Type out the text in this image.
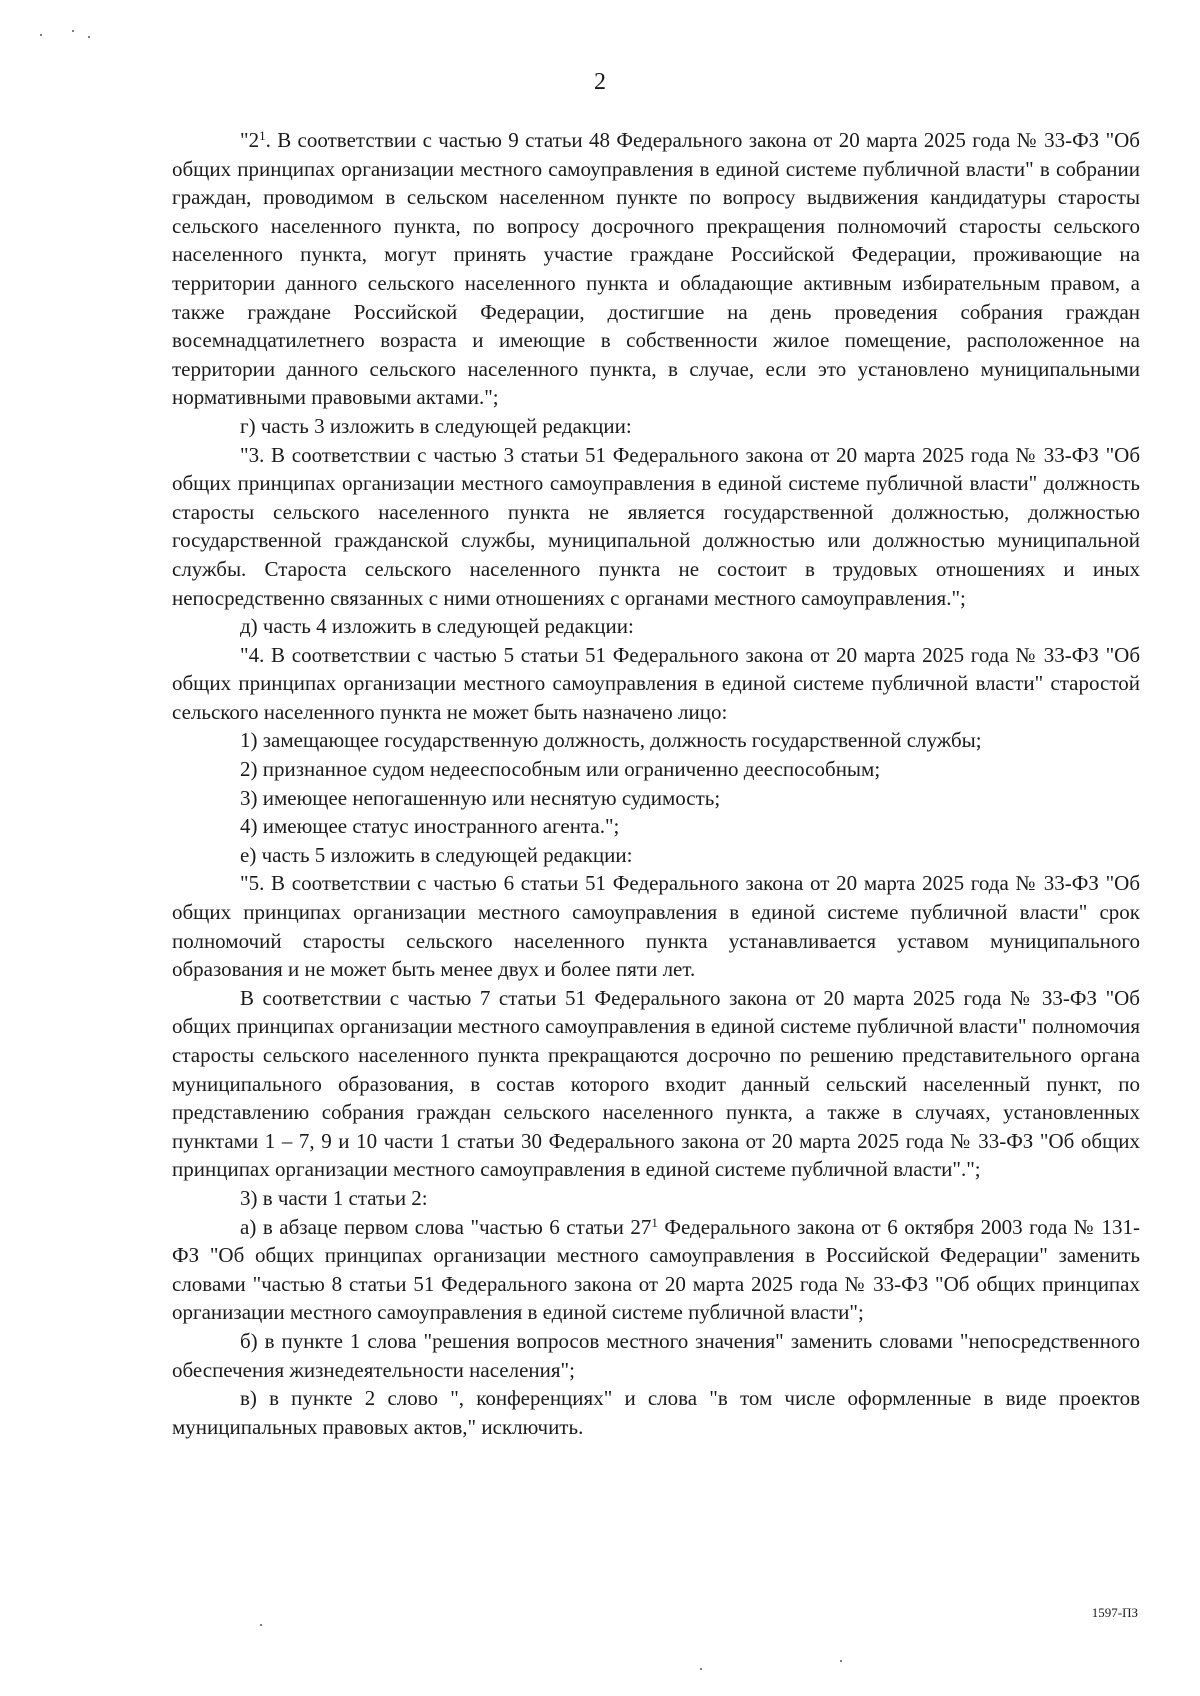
2

"$2^1$. В соответствии с частью 9 статьи 48 Федерального закона от 20 марта 2025 года № 33-ФЗ "Об общих принципах организации местного самоуправления в единой системе публичной власти" в собрании граждан, проводимом в сельском населенном пункте по вопросу выдвижения кандидатуры старосты сельского населенного пункта, по вопросу досрочного прекращения полномочий старосты сельского населенного пункта, могут принять участие граждане Российской Федерации, проживающие на территории данного сельского населенного пункта и обладающие активным избирательным правом, а также граждане Российской Федерации, достигшие на день проведения собрания граждан восемнадцатилетнего возраста и имеющие в собственности жилое помещение, расположенное на территории данного сельского населенного пункта, в случае, если это установлено муниципальными нормативными правовыми актами.";

г) часть 3 изложить в следующей редакции:

"3. В соответствии с частью 3 статьи 51 Федерального закона от 20 марта 2025 года № 33-ФЗ "Об общих принципах организации местного самоуправления в единой системе публичной власти" должность старосты сельского населенного пункта не является государственной должностью, должностью государственной гражданской службы, муниципальной должностью или должностью муниципальной службы. Староста сельского населенного пункта не состоит в трудовых отношениях и иных непосредственно связанных с ними отношениях с органами местного самоуправления.";

д) часть 4 изложить в следующей редакции:

"4. В соответствии с частью 5 статьи 51 Федерального закона от 20 марта 2025 года № 33-ФЗ "Об общих принципах организации местного самоуправления в единой системе публичной власти" старостой сельского населенного пункта не может быть назначено лицо:

1) замещающее государственную должность, должность государственной службы;

2) признанное судом недееспособным или ограниченно дееспособным;

3) имеющее непогашенную или неснятую судимость;

4) имеющее статус иностранного агента.";

е) часть 5 изложить в следующей редакции:

"5. В соответствии с частью 6 статьи 51 Федерального закона от 20 марта 2025 года № 33-ФЗ "Об общих принципах организации местного самоуправления в единой системе публичной власти" срок полномочий старосты сельского населенного пункта устанавливается уставом муниципального образования и не может быть менее двух и более пяти лет.

В соответствии с частью 7 статьи 51 Федерального закона от 20 марта 2025 года № 33-ФЗ "Об общих принципах организации местного самоуправления в единой системе публичной власти" полномочия старосты сельского населенного пункта прекращаются досрочно по решению представительного органа муниципального образования, в состав которого входит данный сельский населенный пункт, по представлению собрания граждан сельского населенного пункта, а также в случаях, установленных пунктами 1 – 7, 9 и 10 части 1 статьи 30 Федерального закона от 20 марта 2025 года № 33-ФЗ "Об общих принципах организации местного самоуправления в единой системе публичной власти".";

3) в части 1 статьи 2:

а) в абзаце первом слова "частью 6 статьи $27^1$ Федерального закона от 6 октября 2003 года № 131-ФЗ "Об общих принципах организации местного самоуправления в Российской Федерации" заменить словами "частью 8 статьи 51 Федерального закона от 20 марта 2025 года № 33-ФЗ "Об общих принципах организации местного самоуправления в единой системе публичной власти";

б) в пункте 1 слова "решения вопросов местного значения" заменить словами "непосредственного обеспечения жизнедеятельности населения";

в) в пункте 2 слово ", конференциях" и слова "в том числе оформленные в виде проектов муниципальных правовых актов," исключить.

1597-ПЗ
